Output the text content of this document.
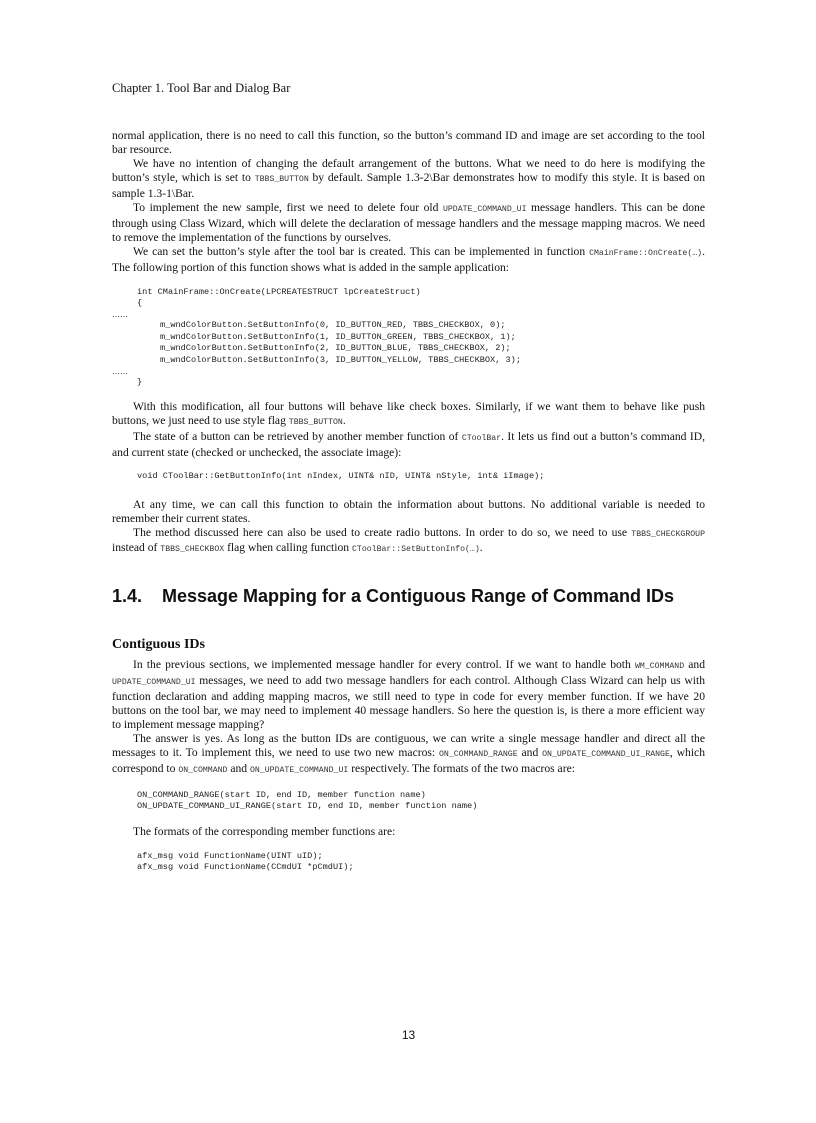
Chapter 1. Tool Bar and Dialog Bar

normal application, there is no need to call this function, so the button’s command ID and image are set according to the tool bar resource.

We have no intention of changing the default arrangement of the buttons. What we need to do here is modifying the button’s style, which is set to TBBS_BUTTON by default. Sample 1.3-2\Bar demonstrates how to modify this style. It is based on sample 1.3-1\Bar.

To implement the new sample, first we need to delete four old UPDATE_COMMAND_UI message handlers. This can be done through using Class Wizard, which will delete the declaration of message handlers and the message mapping macros. We need to remove the implementation of the functions by ourselves.

We can set the button’s style after the tool bar is created. This can be implemented in function CMainFrame::OnCreate(…). The following portion of this function shows what is added in the sample application:

int CMainFrame::OnCreate(LPCREATESTRUCT lpCreateStruct)
{
……
m_wndColorButton.SetButtonInfo(0, ID_BUTTON_RED, TBBS_CHECKBOX, 0);
m_wndColorButton.SetButtonInfo(1, ID_BUTTON_GREEN, TBBS_CHECKBOX, 1);
m_wndColorButton.SetButtonInfo(2, ID_BUTTON_BLUE, TBBS_CHECKBOX, 2);
m_wndColorButton.SetButtonInfo(3, ID_BUTTON_YELLOW, TBBS_CHECKBOX, 3);
……
}

With this modification, all four buttons will behave like check boxes. Similarly, if we want them to behave like push buttons, we just need to use style flag TBBS_BUTTON.

The state of a button can be retrieved by another member function of CToolBar. It lets us find out a button’s command ID, and current state (checked or unchecked, the associate image):

void CToolBar::GetButtonInfo(int nIndex, UINT& nID, UINT& nStyle, int& iImage);

At any time, we can call this function to obtain the information about buttons. No additional variable is needed to remember their current states.

The method discussed here can also be used to create radio buttons. In order to do so, we need to use TBBS_CHECKGROUP instead of TBBS_CHECKBOX flag when calling function CToolBar::SetButtonInfo(…).

1.4. Message Mapping for a Contiguous Range of Command IDs
Contiguous IDs

In the previous sections, we implemented message handler for every control. If we want to handle both WM_COMMAND and UPDATE_COMMAND_UI messages, we need to add two message handlers for each control. Although Class Wizard can help us with function declaration and adding mapping macros, we still need to type in code for every member function. If we have 20 buttons on the tool bar, we may need to implement 40 message handlers. So here the question is, is there a more efficient way to implement message mapping?

The answer is yes. As long as the button IDs are contiguous, we can write a single message handler and direct all the messages to it. To implement this, we need to use two new macros: ON_COMMAND_RANGE and ON_UPDATE_COMMAND_UI_RANGE, which correspond to ON_COMMAND and ON_UPDATE_COMMAND_UI respectively. The formats of the two macros are:

ON_COMMAND_RANGE(start ID, end ID, member function name)
ON_UPDATE_COMMAND_UI_RANGE(start ID, end ID, member function name)

The formats of the corresponding member functions are:

afx_msg void FunctionName(UINT uID);
afx_msg void FunctionName(CCmdUI *pCmdUI);
13
